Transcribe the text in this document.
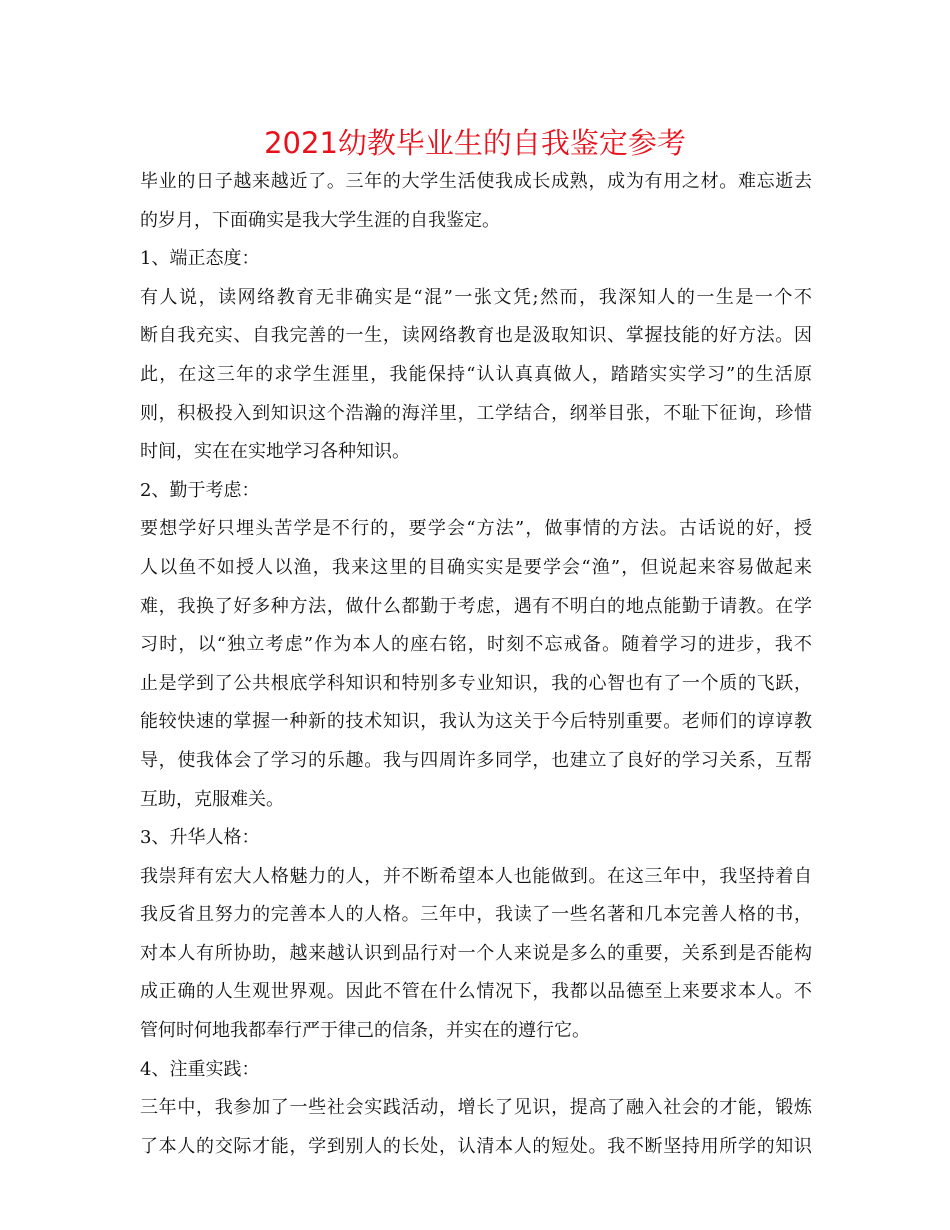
2021幼教毕业生的自我鉴定参考
毕业的日子越来越近了。三年的大学生活使我成长成熟，成为有用之材。难忘逝去
的岁月，下面确实是我大学生涯的自我鉴定。
1、端正态度：
有人说，读网络教育无非确实是“混”一张文凭;然而，我深知人的一生是一个不
断自我充实、自我完善的一生，读网络教育也是汲取知识、掌握技能的好方法。因
此，在这三年的求学生涯里，我能保持“认认真真做人，踏踏实实学习”的生活原
则，积极投入到知识这个浩瀚的海洋里，工学结合，纲举目张，不耻下征询，珍惜
时间，实在在实地学习各种知识。
2、勤于考虑：
要想学好只埋头苦学是不行的，要学会“方法”，做事情的方法。古话说的好，授
人以鱼不如授人以渔，我来这里的目确实实是要学会“渔”，但说起来容易做起来
难，我换了好多种方法，做什么都勤于考虑，遇有不明白的地点能勤于请教。在学
习时，以“独立考虑”作为本人的座右铭，时刻不忘戒备。随着学习的进步，我不
止是学到了公共根底学科知识和特别多专业知识，我的心智也有了一个质的飞跃，
能较快速的掌握一种新的技术知识，我认为这关于今后特别重要。老师们的谆谆教
导，使我体会了学习的乐趣。我与四周许多同学，也建立了良好的学习关系，互帮
互助，克服难关。
3、升华人格：
我崇拜有宏大人格魅力的人，并不断希望本人也能做到。在这三年中，我坚持着自
我反省且努力的完善本人的人格。三年中，我读了一些名著和几本完善人格的书，
对本人有所协助，越来越认识到品行对一个人来说是多么的重要，关系到是否能构
成正确的人生观世界观。因此不管在什么情况下，我都以品德至上来要求本人。不
管何时何地我都奉行严于律己的信条，并实在的遵行它。
4、注重实践：
三年中，我参加了一些社会实践活动，增长了见识，提高了融入社会的才能，锻炼
了本人的交际才能，学到别人的长处，认清本人的短处。我不断坚持用所学的知识
